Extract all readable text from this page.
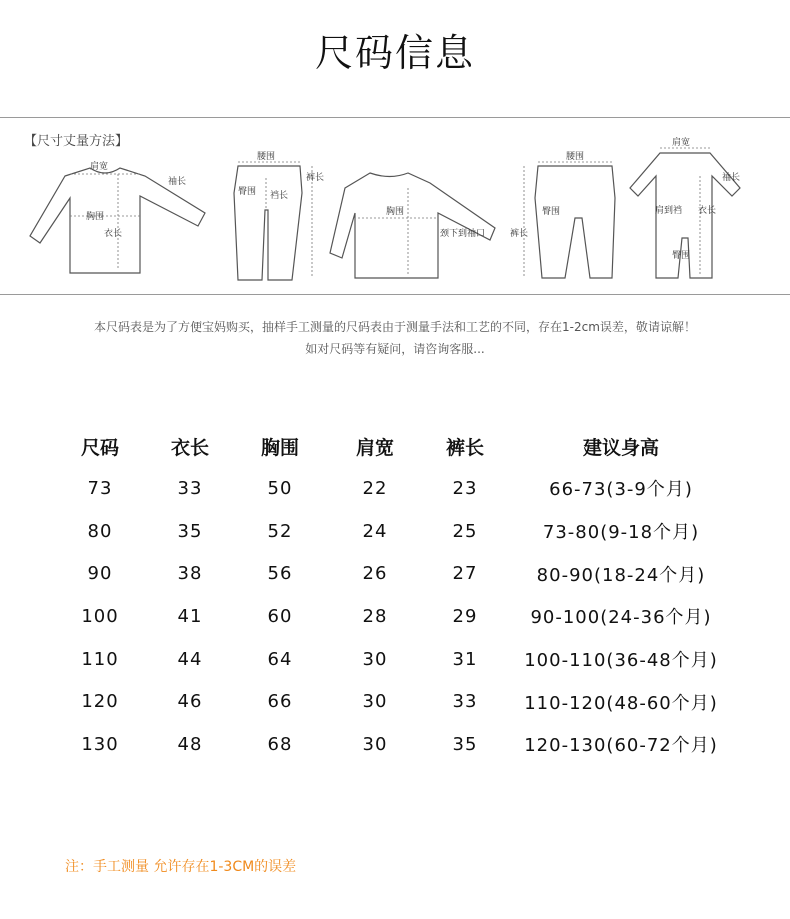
尺码信息
【尺寸丈量方法】
肩宽
胸围
衣长
袖长
腰围
臀围 裆长
裤长
胸围
颈下到袖口
腰围
臀围
裤长
肩宽
肩到裆 衣长
臀围
袖长
本尺码表是为了方便宝妈购买，抽样手工测量的尺码表由于测量手法和工艺的不同，存在1-2cm误差，敬请谅解！
如对尺码等有疑问，请咨询客服...
尺码	衣长	胸围	肩宽	裤长	建议身高
73	33	50	22	23	66-73(3-9个月)
80	35	52	24	25	73-80(9-18个月)
90	38	56	26	27	80-90(18-24个月)
100	41	60	28	29	90-100(24-36个月)
110	44	64	30	31	100-110(36-48个月)
120	46	66	30	33	110-120(48-60个月)
130	48	68	30	35	120-130(60-72个月)
注：手工测量 允许存在1-3CM的误差
